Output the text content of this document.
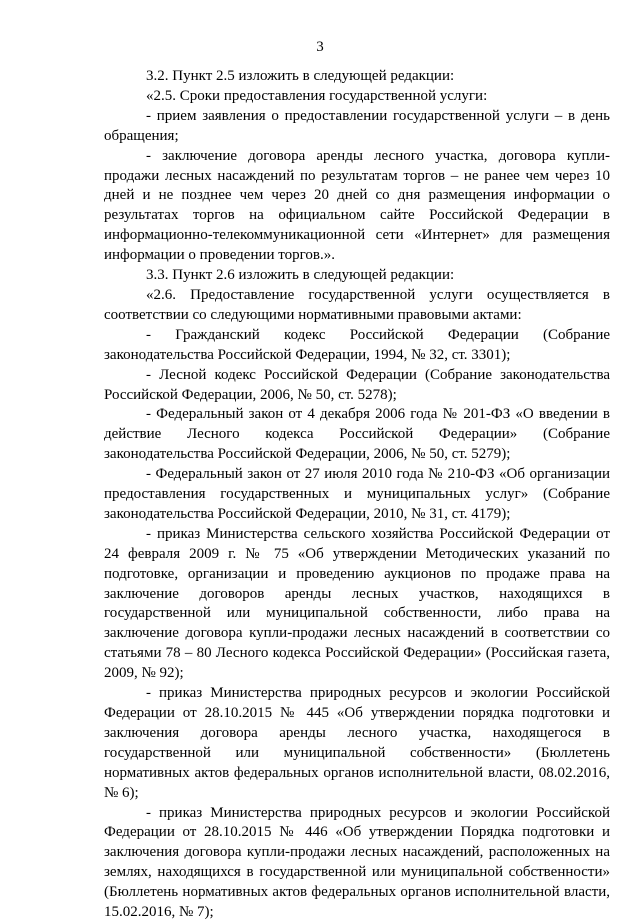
3

3.2. Пункт 2.5 изложить в следующей редакции:

«2.5. Сроки предоставления государственной услуги:

- прием заявления о предоставлении государственной услуги – в день обращения;

- заключение договора аренды лесного участка, договора купли-продажи лесных насаждений по результатам торгов – не ранее чем через 10 дней и не позднее чем через 20 дней со дня размещения информации о результатах торгов на официальном сайте Российской Федерации в информационно-телекоммуникационной сети «Интернет» для размещения информации о проведении торгов.».

3.3. Пункт 2.6 изложить в следующей редакции:

«2.6. Предоставление государственной услуги осуществляется в соответствии со следующими нормативными правовыми актами:

- Гражданский кодекс Российской Федерации (Собрание законодательства Российской Федерации, 1994, № 32, ст. 3301);

- Лесной кодекс Российской Федерации (Собрание законодательства Российской Федерации, 2006, № 50, ст. 5278);

- Федеральный закон от 4 декабря 2006 года № 201-ФЗ «О введении в действие Лесного кодекса Российской Федерации» (Собрание законодательства Российской Федерации, 2006, № 50, ст. 5279);

- Федеральный закон от 27 июля 2010 года № 210-ФЗ «Об организации предоставления государственных и муниципальных услуг» (Собрание законодательства Российской Федерации, 2010, № 31, ст. 4179);

- приказ Министерства сельского хозяйства Российской Федерации от 24 февраля 2009 г. № 75 «Об утверждении Методических указаний по подготовке, организации и проведению аукционов по продаже права на заключение договоров аренды лесных участков, находящихся в государственной или муниципальной собственности, либо права на заключение договора купли-продажи лесных насаждений в соответствии со статьями 78 – 80 Лесного кодекса Российской Федерации» (Российская газета, 2009, № 92);

- приказ Министерства природных ресурсов и экологии Российской Федерации от 28.10.2015 № 445 «Об утверждении порядка подготовки и заключения договора аренды лесного участка, находящегося в государственной или муниципальной собственности» (Бюллетень нормативных актов федеральных органов исполнительной власти, 08.02.2016, № 6);

- приказ Министерства природных ресурсов и экологии Российской Федерации от 28.10.2015 № 446 «Об утверждении Порядка подготовки и заключения договора купли-продажи лесных насаждений, расположенных на землях, находящихся в государственной или муниципальной собственности» (Бюллетень нормативных актов федеральных органов исполнительной власти, 15.02.2016, № 7);
